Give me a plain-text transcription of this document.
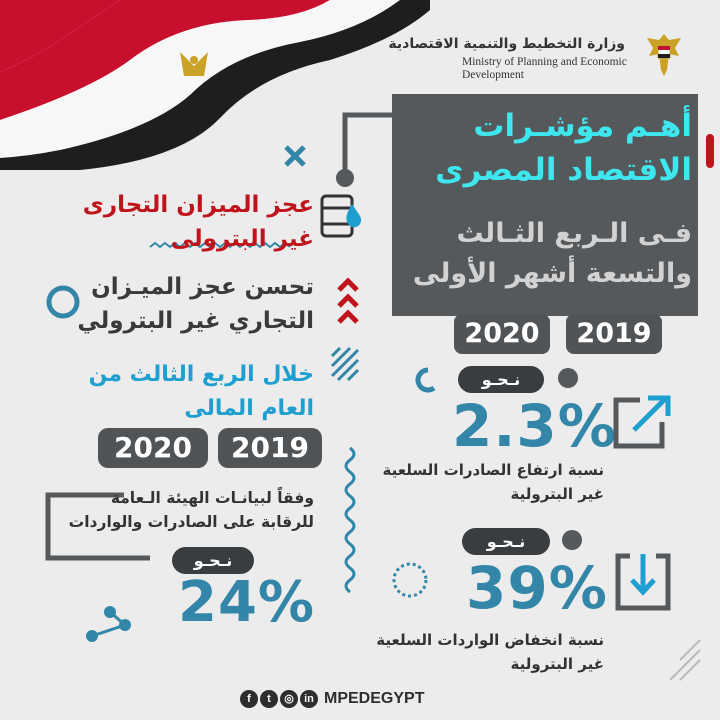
وزارة التخطيط والتنمية الاقتصادية
Ministry of Planning and Economic Development
أهـم مؤشـرات
الاقتصاد المصرى
فـى الـربع الثـالث
والتسعة أشهر الأولى
2020	2019
عجز الميزان التجارى
غير البترولى
تحسن عجز الميـزان
التجاري غير البترولي
خلال الربع الثالث من
العام المالى
2020	2019
وفقاً لبيانـات الهيئة الـعامة
للرقابة على الصادرات والواردات
نـحـو
24%
نـحـو
2.3%
نسبة ارتفاع الصادرات السلعية
غير البترولية
نـحـو
39%
نسبة انخفاض الواردات السلعية
غير البترولية
f	t	◎ in MPEDEGYPT
